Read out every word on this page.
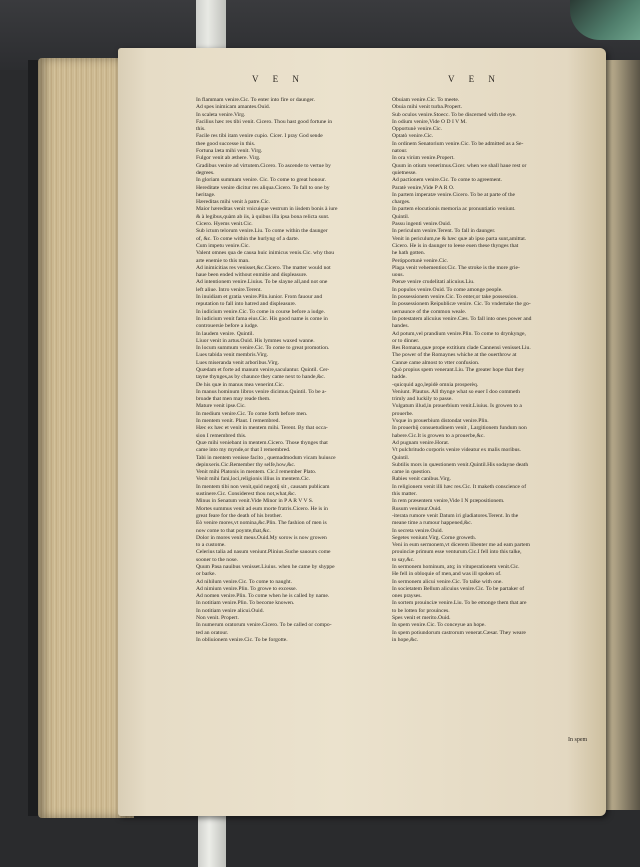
V E N	V E N
In flammam venire.Cic. To enter into fire or daunger.
Ad spes inimicam amantes.Ouid.
In scaleta venire.Virg.
Facilius hæc res tibi venit. Cicero. Thou hast good fortune in
this.
Facile res tibi itam venire cupio. Cicer. I pray God sende
thee good successe in this.
Fortuna læta mihi venit. Virg.
Fulgor venit ab æthere. Virg.
Gradibus venire ad virtutem.Cicero. To ascende to vertue by
degrees.
In gloriam summam venire. Cic. To come to great honour.
Hereditate venire dicitur res aliqua.Cicero. To fall to one by
heritage.
Hæreditas mihi venit à patre.Cic.
Maior hæreditas venit vnicuique vestrum in iisdem bonis à iure
& à legibus,quàm ab iis, à quibus illa ipsa bona relicta sunt.
Cicero. Hyems venit.Cic.
Sub ictum telorum venire.Liu. To come within the daunger
of, &c. To come within the hurlyng of a darte.
Cum impetu venire.Cic.
Valent omnes qua de causa huic inimicus venis.Cic. why thou
arte enemie to this man.
Ad inimicitias res venisset,&c.Cicero. The matter would not
haue been ended without enmitie and displeasure.
Ad intentionem venire.Liuius. To be slayne all,and not one
left aliue. Intro venire.Terent.
In inuidiam et gratia venire.Plin.iunior. From fauour and
reputation to fall into hatred and displeasure.
In iudicium venire.Cic. To come in course before a iudge.
In iudicium venit fama eius.Cic. His good name is come in
controuersie before a iudge.
In laudem venire. Quintil.
Liuor venit in artus.Ouid. His lymmes waxed wanne.
In locum summum venire.Cic. To come to great promotion.
Lues tabida venit membris.Virg.
Lues miseranda venit arboribus.Virg.
Quædam et forte ad manum venire,saculantur. Quintil. Cer-
tayne thynges,as by chaunce they came next to hande,&c.
De his quæ in manus mea venerint.Cic.
In manus hominum libros venire dicimus.Quintil. To be a-
broade that men may reade them.
Mature venit ipse.Cic.
In medium venire.Cic. To come forth before men.
In mentem venit. Plaut. I remembred.
Hæc ex hæc et venit in mentem mihi. Terent. By that occa-
sion I remembred this.
Quæ mihi veniebant in mentem.Cicero. Those thynges that
came into my mynde,or that I remembred.
Tabi in mentem venisse facito , quemadmodum vicam huiusce
depinxeris.Cic.Remember thy selfe,how,&c.
Venit mihi Platonis in mentem. Cic.I remember Plato.
Venit mihi fani,loci,religionis illius in mentem.Cic.
In mentem tibi non venit,quid negotij sit , causam publicam
sustinere.Cic. Considerest thou not,what,&c.
Minus in Senatum venit.Vide Minor in P A R V V S.
Mortes summus venit ad eum morte fratris.Cicero. He is in
great feare for the death of his brother.
Eò venire mores,vt nomina,&c.Plin. The fashion of men is
now come to that poynte,that,&c.
Dolor in mores venit meus.Ouid.My sorow is now growen
to a custome.
Celerius talia ad nasum veniunt.Plinius.Suche sauours come
sooner to the nose.
Quum Pasa nauibus venisset.Liuius. when he came by shyppe
or barke.
Ad nihilum venire.Cic. To come to naught.
Ad nimium venire.Plin. To growe to excesse.
Ad nomen venire.Plin. To come when he is called by name.
In notitiam venire.Plin. To become knowen.
In notitiam venire alicui.Ouid.
Non venit. Propert.
In numerum oratorum venire.Cicero. To be called or compo-
ted an oratour.
In obliuionem venire.Cic. To be forgotte.
Obuiam venire.Cic. To meete.
Obuia mihi venit turba.Propert.
Sub oculos venire.Stoecc. To be discerned with the eye.
In odium venire,Vide O D I V M.
Opportunè venire.Cic.
Optatò venire.Cic.
In ordinem Senatorium venire.Cic. To be admitted as a Se-
natour.
In ora virùm venire.Propert.
Quum in otium venerimus.Cicer. when we shall haue rest or
quietnesse.
Ad pactionem venire.Cic. To come to agreement.
Paratè venire,Vide P A R O.
In partem imperatæ venire.Cicero. To be at parte of the
charges.
In partem elocutionis memoria ac pronuntiatio veniunt.
Quintil.
Passu ingenti venire.Ouid.
In periculum venire.Terent. To fall in daunger.
Venit in periculum,ne & hæc quæ ab ipso parta sunt,amittat.
Cicero. He is in daunger to leese euen these thynges that
he hath gotten.
Perópportunè venire.Cic.
Plaga venit vehementior.Cic. The stroke is the more grie-
uous.
Pœnæ venire crudelitati alicuius.Liu.
In populos venire.Ouid. To come amonge people.
In possessionem venire.Cic. To enter,or take possession.
In possessionem Reipublicæ venire. Cic. To vndertake the go-
uernaunce of the common weale.
In potestatem alicuius venire.Cæs. To fall into ones power and
handes.
Ad potum,vel prandium venire.Plin. To come to drynkynge,
or to dinner.
Res Romana,quæ prope extitium clade Cannensi venisset.Liu.
The power of the Romaynes whiche at the ouerthrow at
Cannæ came almost to vtter confusion.
Quò propius spem venerant.Liu. The greater hope that they
hadde.
-quicquid ago,lepidè omnia prosperèq.
Veniunt. Plautus. All thynge what so euer I doo commeth
trimly and luckily to passe.
Vulgatum illud,in prouerbium venit.Liuius. Is growen to a
prouerbe.
Vsque in prouerbium distondat venire.Plin.
In prouerbij consuetudinem venit , Largitionem fundum non
habere.Cic.It is growen to a prouerbe,&c.
Ad pugnam venire.Horat.
Vt pulchritudo corporis venire videatur ex malis moribus.
Quintil.
Subtilis mors in quæstionem venit.Quintil.His sodayne death
came in question.
Rabies venit canibus.Virg.
In religionem venit illi hæc res.Cic. It maketh conscience of
this matter.
In rem præsentem venire,Vide I N præpositionem.
Rusum venimur.Ouid.
-iterata rumore venit Datum iri gladiatores.Terent. In the
meane time a rumour happened,&c.
In secreta venire.Ouid.
Segetes veniunt.Virg. Corne groweth.
Veni in eum sermonem,vt dicerem libenter me ad eam partem
prouinciæ primum esse venturum.Cic.I fell into this talke,
to say,&c.
In sermonem hominum, atq; in vituperationem venit.Cic.
He fell in obloquie of men,and was ill spoken of.
In sermonem alicui venire.Cic. To talke with one.
In societatem Bellum alicuius venire.Cic. To be partaker of
ones prayses.
In sortem prouinciæ venire.Liu. To be emonge them that are
to be lotten for prouinces.
Spes venit et merito.Ouid.
In spem venire.Cic. To conceyue an hope.
In spem potiundorum castrorum venerat.Cæsar. They weare
in hope,&c.
In spem
